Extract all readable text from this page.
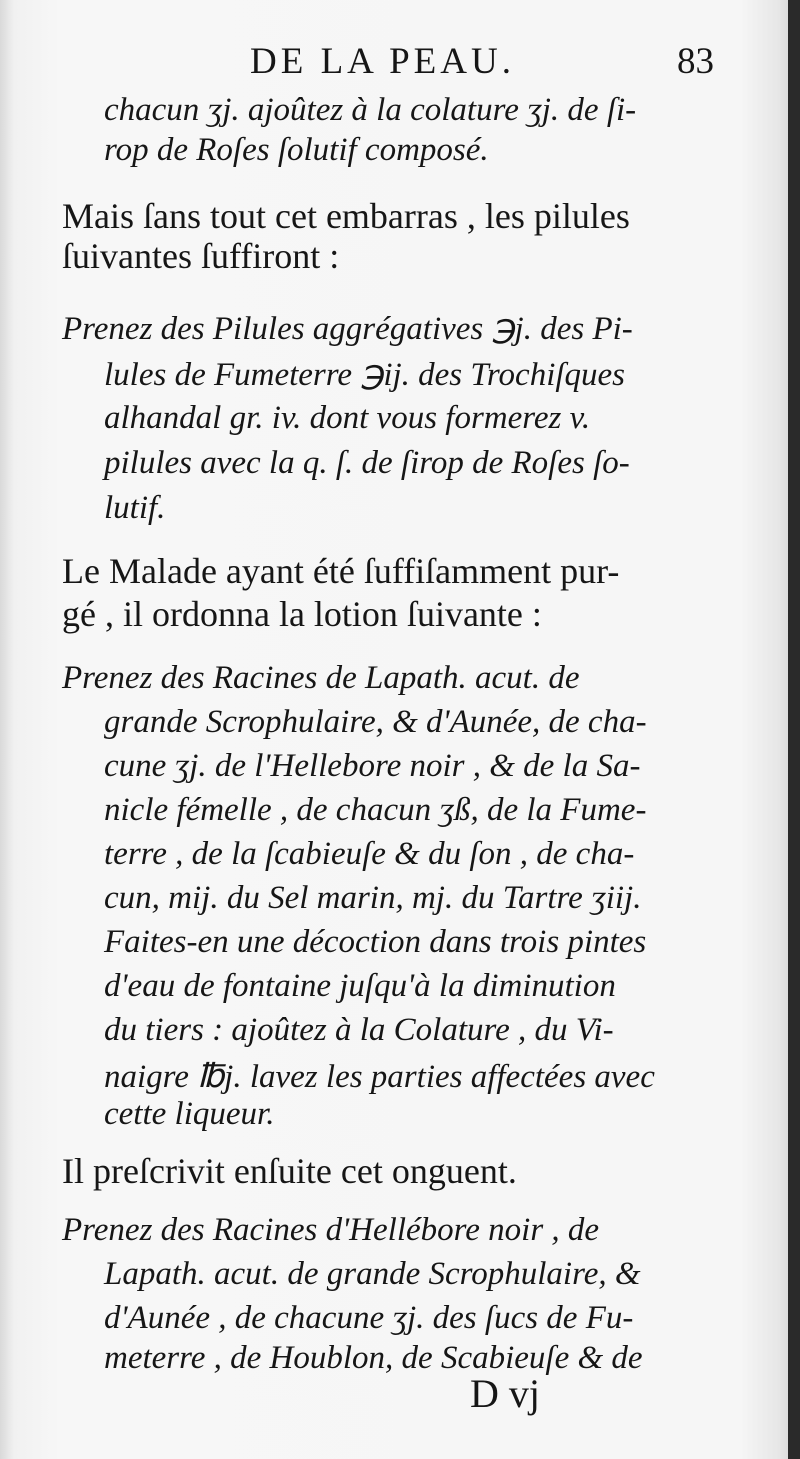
DE LA PEAU.	83
chacun ʒj. ajoûtez à la colature ʒj. de ſi-
rop de Roſes ſolutif composé.
Mais ſans tout cet embarras , les pilules
ſuivantes ſuffiront :
Prenez des Pilules aggrégatives ℈j. des Pi-
lules de Fumeterre ℈ij. des Trochiſques
alhandal gr. iv. dont vous formerez v.
pilules avec la q. ſ. de ſirop de Roſes ſo-
lutif.
Le Malade ayant été ſuffiſamment pur-
gé , il ordonna la lotion ſuivante :
Prenez des Racines de Lapath. acut. de
grande Scrophulaire, & d'Aunée, de cha-
cune ʒj. de l'Hellebore noir , & de la Sa-
nicle fémelle , de chacun ʒß, de la Fume-
terre , de la ſcabieuſe & du ſon , de cha-
cun, mij. du Sel marin, mj. du Tartre ʒiij.
Faites-en une décoction dans trois pintes
d'eau de fontaine juſqu'à la diminution
du tiers : ajoûtez à la Colature , du Vi-
naigre ℔j. lavez les parties affectées avec
cette liqueur.
Il preſcrivit enſuite cet onguent.
Prenez des Racines d'Hellébore noir , de
Lapath. acut. de grande Scrophulaire, &
d'Aunée , de chacune ʒj. des ſucs de Fu-
meterre , de Houblon, de Scabieuſe & de
D vj
